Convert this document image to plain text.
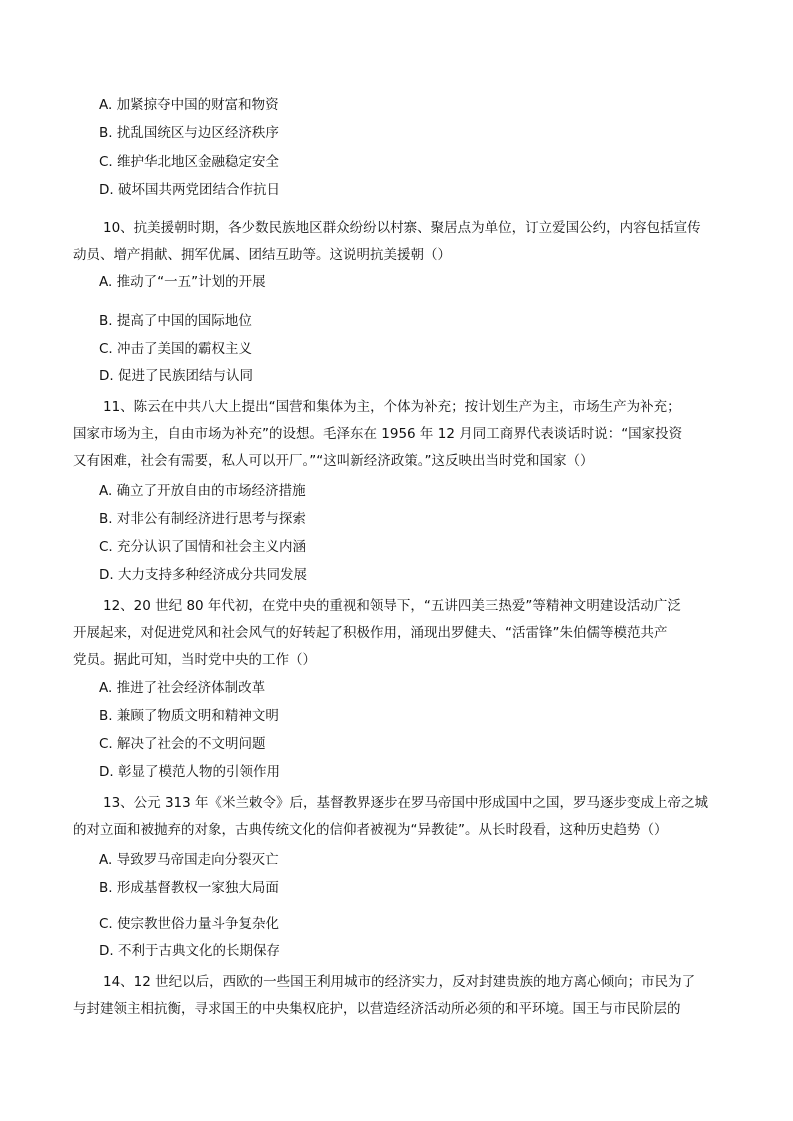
A. 加紧掠夺中国的财富和物资
B. 扰乱国统区与边区经济秩序
C. 维护华北地区金融稳定安全
D. 破坏国共两党团结合作抗日
10、抗美援朝时期，各少数民族地区群众纷纷以村寨、聚居点为单位，订立爱国公约，内容包括宣传
动员、增产捐献、拥军优属、团结互助等。这说明抗美援朝（）
A. 推动了“一五”计划的开展
B. 提高了中国的国际地位
C. 冲击了美国的霸权主义
D. 促进了民族团结与认同
11、陈云在中共八大上提出“国营和集体为主，个体为补充；按计划生产为主，市场生产为补充；
国家市场为主，自由市场为补充”的设想。毛泽东在 1956 年 12 月同工商界代表谈话时说：“国家投资
又有困难，社会有需要，私人可以开厂。”“这叫新经济政策。”这反映出当时党和国家（）
A. 确立了开放自由的市场经济措施
B. 对非公有制经济进行思考与探索
C. 充分认识了国情和社会主义内涵
D. 大力支持多种经济成分共同发展
12、20 世纪 80 年代初，在党中央的重视和领导下，“五讲四美三热爱”等精神文明建设活动广泛
开展起来，对促进党风和社会风气的好转起了积极作用，涌现出罗健夫、“活雷锋”朱伯儒等模范共产
党员。据此可知，当时党中央的工作（）
A. 推进了社会经济体制改革
B. 兼顾了物质文明和精神文明
C. 解决了社会的不文明问题
D. 彰显了模范人物的引领作用
13、公元 313 年《米兰敕令》后，基督教界逐步在罗马帝国中形成国中之国，罗马逐步变成上帝之城
的对立面和被抛弃的对象，古典传统文化的信仰者被视为“异教徒”。从长时段看，这种历史趋势（）
A. 导致罗马帝国走向分裂灭亡
B. 形成基督教权一家独大局面
C. 使宗教世俗力量斗争复杂化
D. 不利于古典文化的长期保存
14、12 世纪以后，西欧的一些国王利用城市的经济实力，反对封建贵族的地方离心倾向；市民为了
与封建领主相抗衡，寻求国王的中央集权庇护，以营造经济活动所必须的和平环境。国王与市民阶层的
